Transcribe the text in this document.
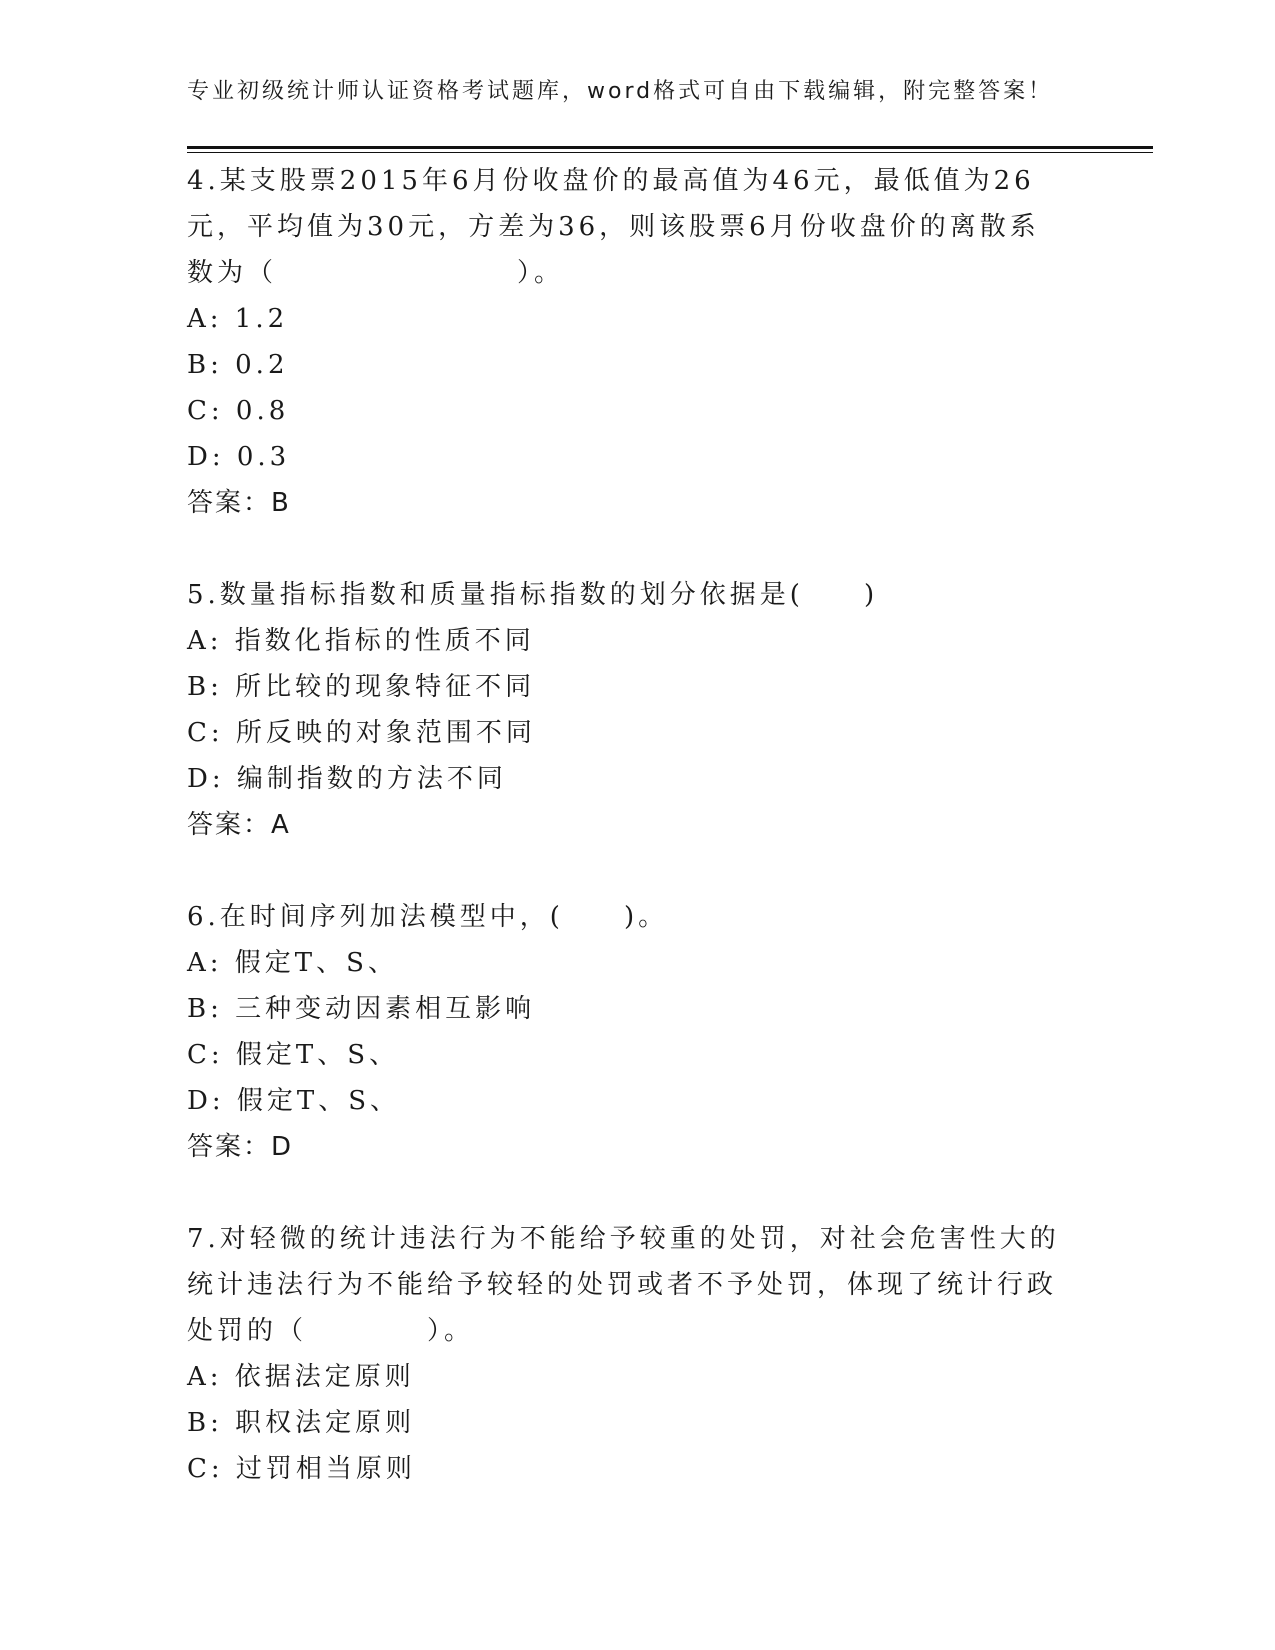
专业初级统计师认证资格考试题库，word格式可自由下载编辑，附完整答案！

4.某支股票2015年6月份收盘价的最高值为46元，最低值为26元，平均值为30元，方差为36，则该股票6月份收盘价的离散系数为（　　　　　　　　）。

A: 1.2

B: 0.2

C: 0.8

D: 0.3

答案：B

5.数量指标指数和质量指标指数的划分依据是(　　)

A: 指数化指标的性质不同

B: 所比较的现象特征不同

C: 所反映的对象范围不同

D: 编制指数的方法不同

答案：A

6.在时间序列加法模型中，(　　)。

A: 假定T、S、

B: 三种变动因素相互影响

C: 假定T、S、

D: 假定T、S、

答案：D

7.对轻微的统计违法行为不能给予较重的处罚，对社会危害性大的统计违法行为不能给予较轻的处罚或者不予处罚，体现了统计行政处罚的（　　　　）。

A: 依据法定原则

B: 职权法定原则

C: 过罚相当原则
